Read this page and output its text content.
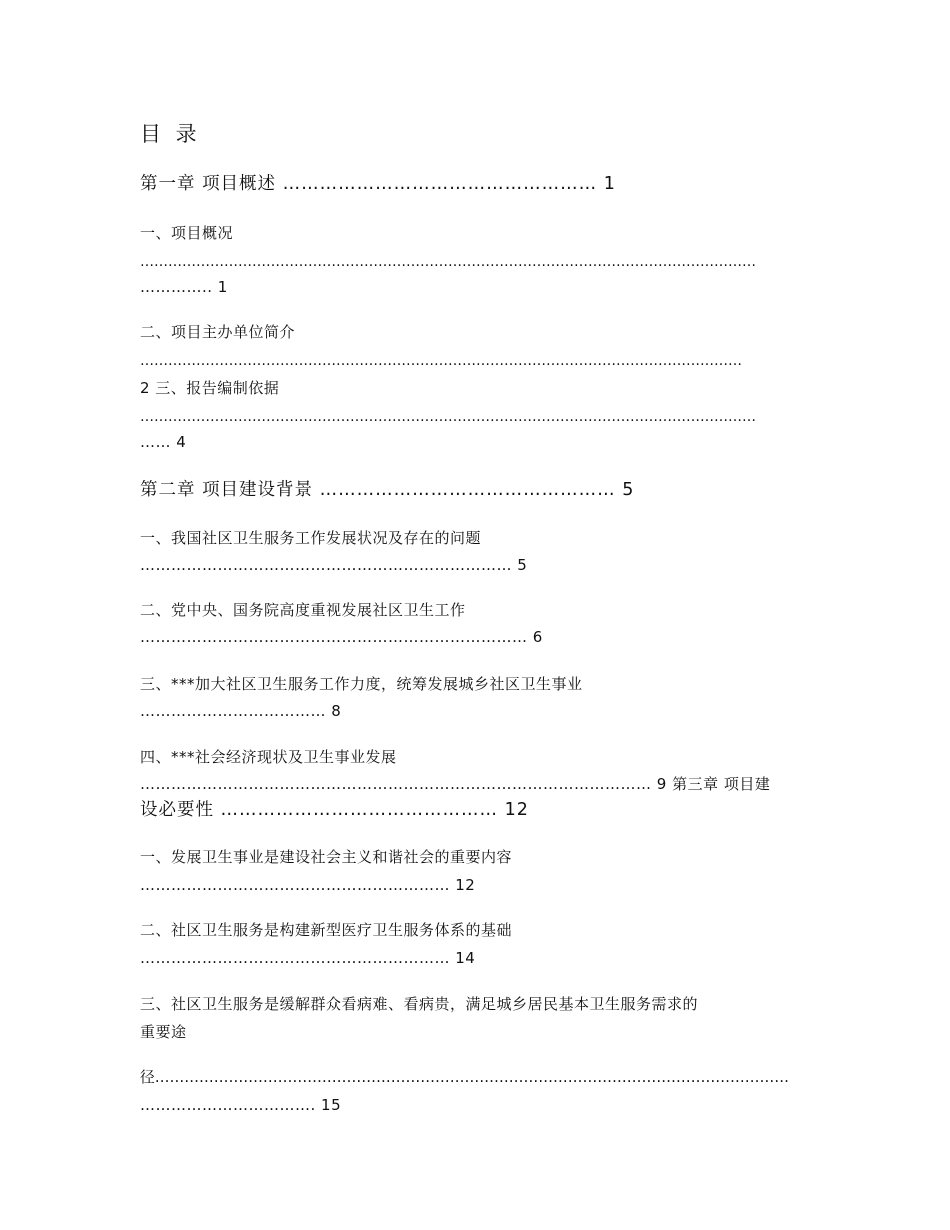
目 录
第一章 项目概述 …………………………………………… 1
一、项目概况
……………………………………………………………………………………………………………………
………….. 1
二、项目主办单位简介
…………………………………………………………………………………………………………………
2 三、报告编制依据
……………………………………………………………………………………………………………………
…… 4
第二章 项目建设背景 ………………………………………… 5
一、我国社区卫生服务工作发展状况及存在的问题
……………………………………………………………… 5
二、党中央、国务院高度重视发展社区卫生工作
………………………………………………………………… 6
三、***加大社区卫生服务工作力度，统筹发展城乡社区卫生事业
……………………………… 8
四、***社会经济现状及卫生事业发展
……………………………………………………………………………………… 9 第三章 项目建
设必要性 ……………………………………… 12
一、发展卫生事业是建设社会主义和谐社会的重要内容
…………………………………………………… 12
二、社区卫生服务是构建新型医疗卫生服务体系的基础
…………………………………………………… 14
三、社区卫生服务是缓解群众看病难、看病贵，满足城乡居民基本卫生服务需求的
重要途
径…………………………………………………………………………………………………………………
……………………………. 15
